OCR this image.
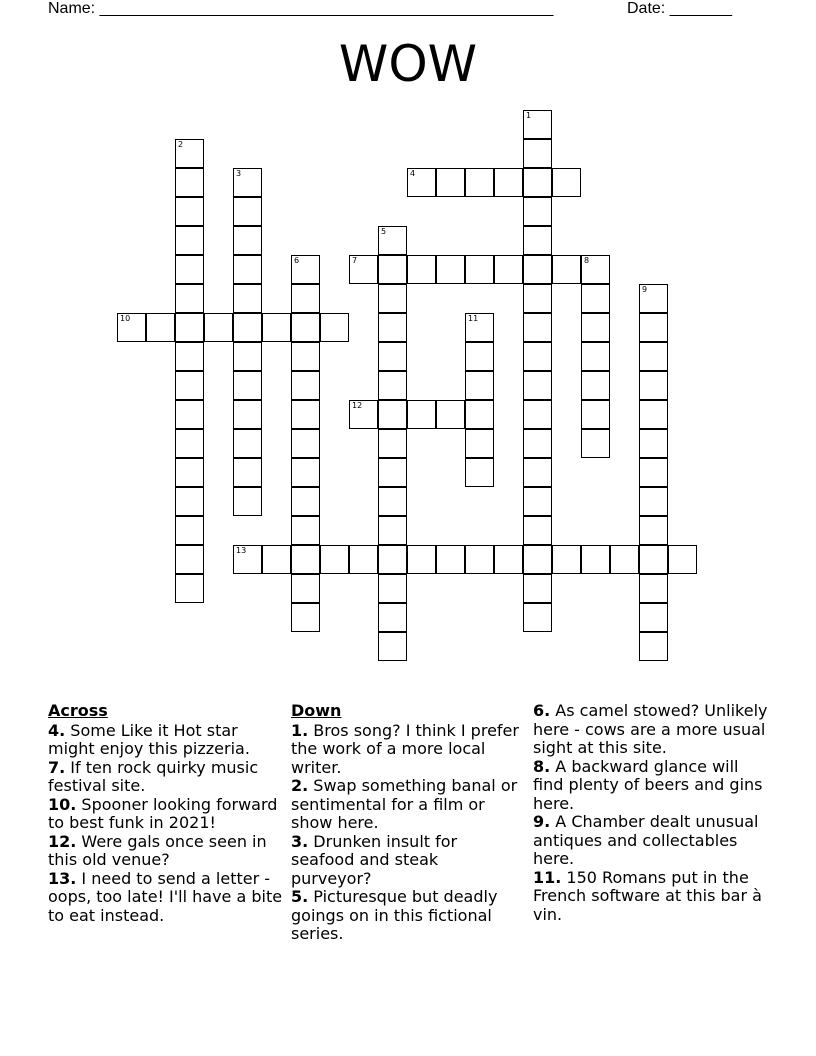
Name: ___________________________________________________	Date: _______
WOW
1
2
3	4
5
6	7	8
9
10	11
12
13
Across
4. Some Like it Hot star might enjoy this pizzeria.
7. If ten rock quirky music festival site.
10. Spooner looking forward to best funk in 2021!
12. Were gals once seen in this old venue?
13. I need to send a letter - oops, too late! I'll have a bite to eat instead.
Down
1. Bros song? I think I prefer the work of a more local writer.
2. Swap something banal or sentimental for a film or show here.
3. Drunken insult for seafood and steak purveyor?
5. Picturesque but deadly goings on in this fictional series.
6. As camel stowed? Unlikely here - cows are a more usual sight at this site.
8. A backward glance will find plenty of beers and gins here.
9. A Chamber dealt unusual antiques and collectables here.
11. 150 Romans put in the French software at this bar à vin.
